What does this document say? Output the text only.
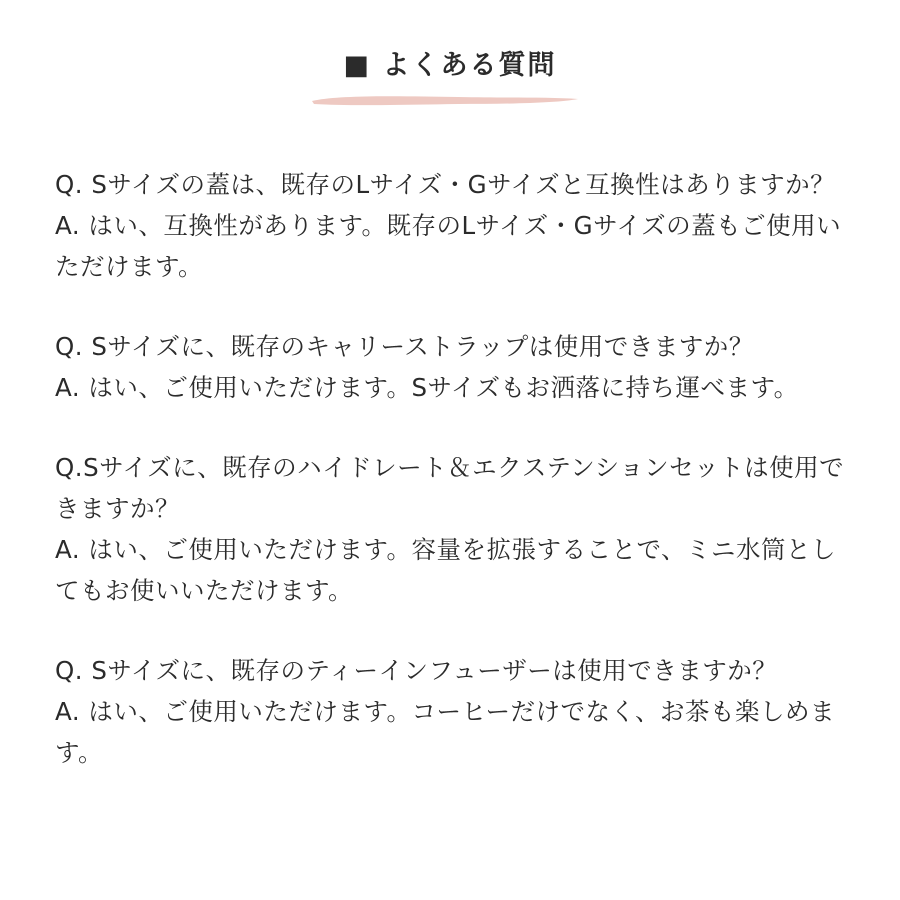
■ よくある質問

Q. Sサイズの蓋は、既存のLサイズ・Gサイズと互換性はありますか？

A. はい、互換性があります。既存のLサイズ・Gサイズの蓋もご使用いただけます。

Q. Sサイズに、既存のキャリーストラップは使用できますか？

A. はい、ご使用いただけます。Sサイズもお洒落に持ち運べます。

Q.Sサイズに、既存のハイドレート＆エクステンションセットは使用できますか？

A. はい、ご使用いただけます。容量を拡張することで、ミニ水筒としてもお使いいただけます。

Q. Sサイズに、既存のティーインフューザーは使用できますか？

A. はい、ご使用いただけます。コーヒーだけでなく、お茶も楽しめます。
